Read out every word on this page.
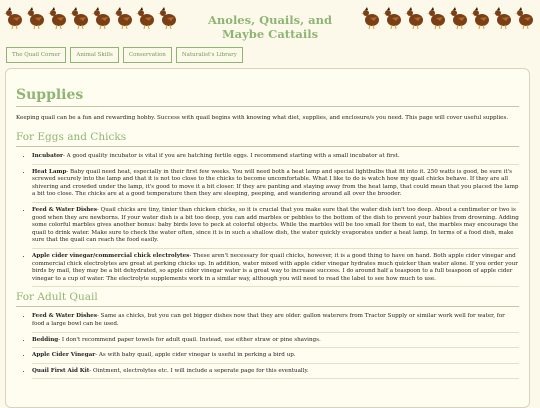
Anoles, Quails, and Maybe Cattails
The Quail Corner	Animal Skills	Conservation	Naturalist's Library
Supplies

Keeping quail can be a fun and rewarding hobby. Success with quail begins with knowing what diet, supplies, and enclosure/s you need. This page will cover useful supplies.

For Eggs and Chicks
• Incubator- A good quality incubator is vital if you are hatching fertile eggs. I recommend starting with a small incubator at first.
• Heat Lamp- Baby quail need heat, especially in their first few weeks. You will need both a heat lamp and special lightbulbs that fit into it. 250 watts is good, be sure it's screwed securely into the lamp and that it is not too close to the chicks to become uncomfortable. What I like to do is watch how my quail chicks behave. If they are all shivering and crowded under the lamp, it's good to move it a bit closer. If they are panting and staying away from the heat lamp, that could mean that you placed the lamp a bit too close. The chicks are at a good temperature then they are sleeping, peeping, and wandering around all over the brooder.
• Feed & Water Dishes- Quail chicks are tiny, tinier than chicken chicks, so it is crucial that you make sure that the water dish isn't too deep. About a centimeter or two is good when they are newborns. If your water dish is a bit too deep, you can add marbles or pebbles to the bottom of the dish to prevent your babies from drowning. Adding some colorful marbles gives another bonus: baby birds love to peck at colorful objects. While the marbles will be too small for them to eat, the marbles may encourage the quail to drink water. Make sure to check the water often, since it is in such a shallow dish, the water quickly evaporates under a heat lamp. In terms of a food dish, make sure that the quail can reach the food easily.
• Apple cider vinegar/commercial chick electrolytes- These aren't necessary for quail chicks, however, it is a good thing to have on hand. Both apple cider vinegar and commercial chick electrolytes are great at perking chicks up. In addition, water mixed with apple cider vinegar hydrates much quicker than water alone. If you order your birds by mail, they may be a bit dehydrated, so apple cider vinegar water is a great way to increase success. I do around half a teaspoon to a full teaspoon of apple cider vinegar to a cup of water. The electrolyte supplements work in a similar way, although you will need to read the label to see how much to use.
For Adult Quail
• Feed & Water Dishes- Same as chicks, but you can get bigger dishes now that they are older. gallon waterers from Tractor Supply or similar work well for water, for food a large bowl can be used.
• Bedding- I don't recommend paper towels for adult quail. Instead, use either straw or pine shavings.
• Apple Cider Vinegar- As with baby quail, apple cider vinegar is useful in perking a bird up.
• Quail First Aid Kit- Ointment, electrolytes etc. I will include a seperate page for this eventually.
